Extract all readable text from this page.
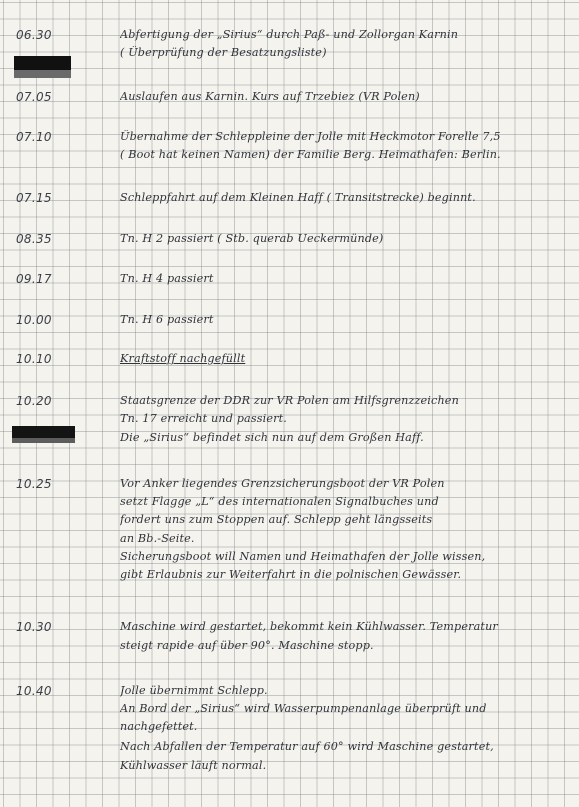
06.30	Abfertigung der „Sirius“ durch Paß- und Zollorgan Karnin
( Überprüfung der Besatzungsliste)
07.05	Auslaufen aus Karnin. Kurs auf Trzebiez (VR Polen)
07.10	Übernahme der Schleppleine der Jolle mit Heckmotor Forelle 7,5
( Boot hat keinen Namen) der Familie Berg. Heimathafen: Berlin.
07.15	Schleppfahrt auf dem Kleinen Haff ( Transitstrecke) beginnt.
08.35	Tn. H 2 passiert ( Stb. querab Ueckermünde)
09.17	Tn. H 4 passiert
10.00	Tn. H 6 passiert
10.10	Kraftstoff nachgefüllt
10.20	Staatsgrenze der DDR zur VR Polen am Hilfsgrenzzeichen
Tn. 17 erreicht und passiert.
Die „Sirius“ befindet sich nun auf dem Großen Haff.
10.25	Vor Anker liegendes Grenzsicherungsboot der VR Polen
setzt Flagge „L“ des internationalen Signalbuches und
fordert uns zum Stoppen auf. Schlepp geht längsseits
an Bb.-Seite.
Sicherungsboot will Namen und Heimathafen der Jolle wissen,
gibt Erlaubnis zur Weiterfahrt in die polnischen Gewässer.
10.30	Maschine wird gestartet, bekommt kein Kühlwasser. Temperatur
steigt rapide auf über 90°. Maschine stopp.
10.40	Jolle übernimmt Schlepp.
An Bord der „Sirius“ wird Wasserpumpenanlage überprüft und
nachgefettet.
Nach Abfallen der Temperatur auf 60° wird Maschine gestartet,
Kühlwasser läuft normal.
